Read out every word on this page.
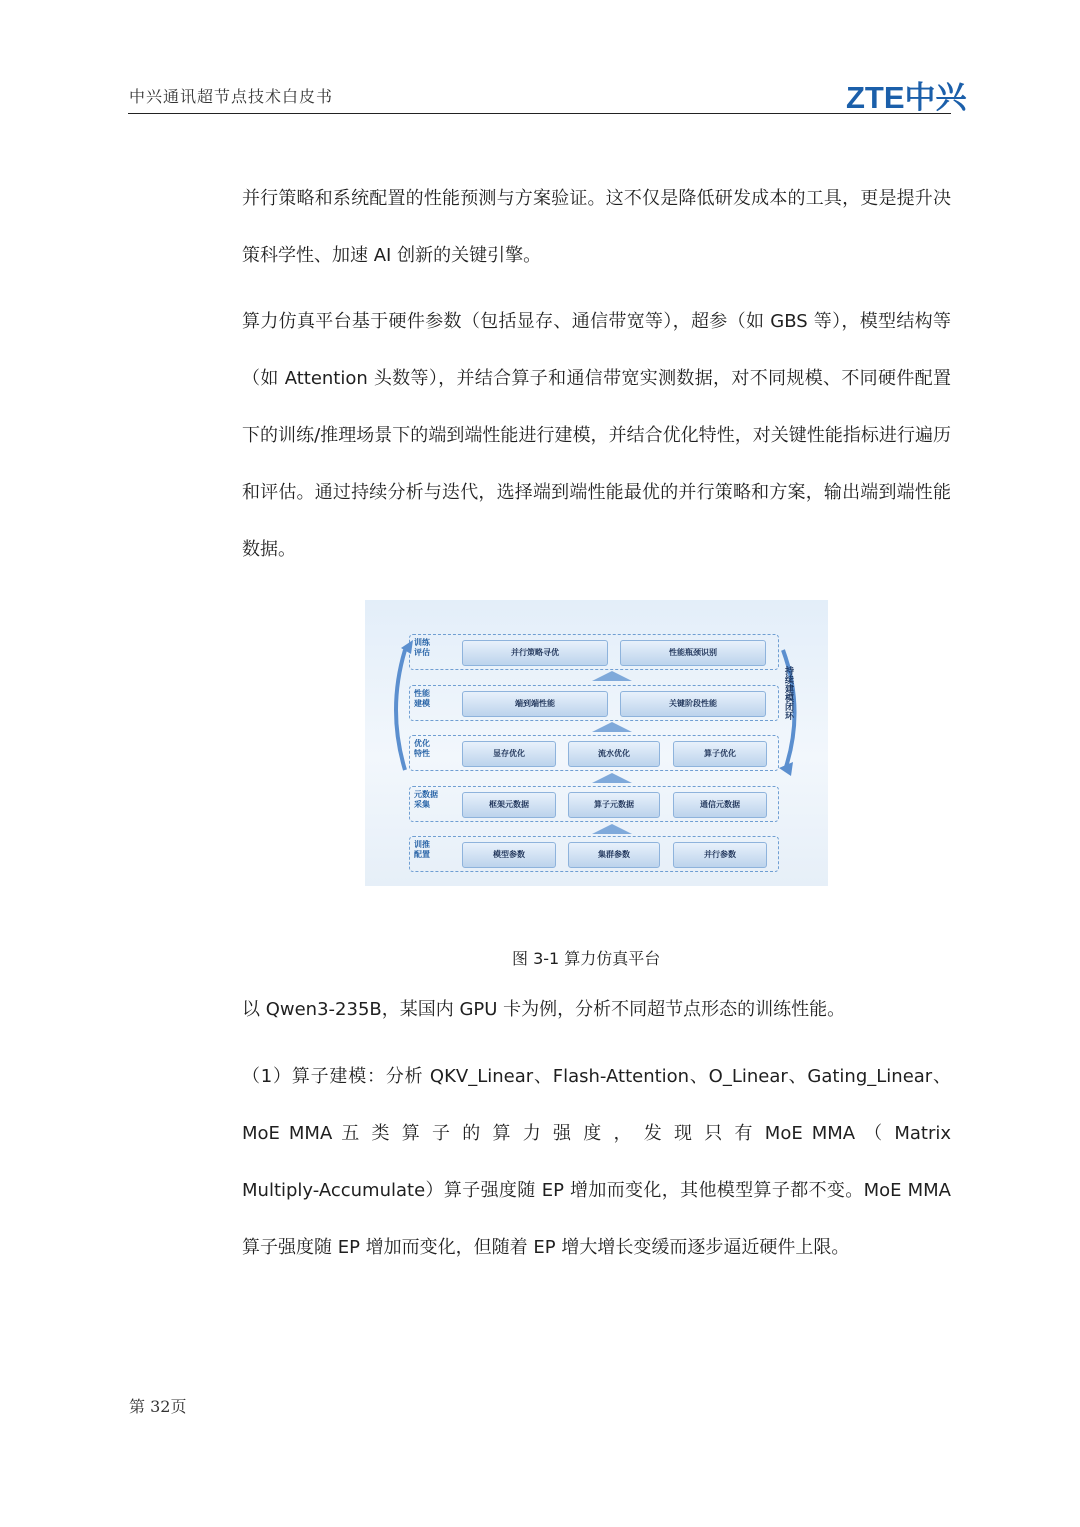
中兴通讯超节点技术白皮书	ZTE中兴

并行策略和系统配置的性能预测与方案验证。这不仅是降低研发成本的工具，更是提升决策科学性、加速 AI 创新的关键引擎。

算力仿真平台基于硬件参数（包括显存、通信带宽等），超参（如 GBS 等），模型结构等（如 Attention 头数等），并结合算子和通信带宽实测数据，对不同规模、不同硬件配置下的训练/推理场景下的端到端性能进行建模，并结合优化特性，对关键性能指标进行遍历和评估。通过持续分析与迭代，选择端到端性能最优的并行策略和方案，输出端到端性能数据。

训练
评估	并行策略寻优	性能瓶颈识别
性能
建模	端到端性能	关键阶段性能
优化
特性	显存优化	流水优化	算子优化
元数据
采集	框架元数据	算子元数据	通信元数据
训推
配置	模型参数	集群参数	并行参数
持续建模闭环
图 3-1 算力仿真平台

以 Qwen3-235B，某国内 GPU 卡为例，分析不同超节点形态的训练性能。

（1）算子建模：分析 QKV_Linear、Flash-Attention、O_Linear、Gating_Linear、

MoE MMA 五 类 算 子 的 算 力 强 度 ， 发 现 只 有 MoE MMA （ Matrix

Multiply-Accumulate）算子强度随 EP 增加而变化，其他模型算子都不变。MoE MMA

算子强度随 EP 增加而变化，但随着 EP 增大增长变缓而逐步逼近硬件上限。

第 32页
